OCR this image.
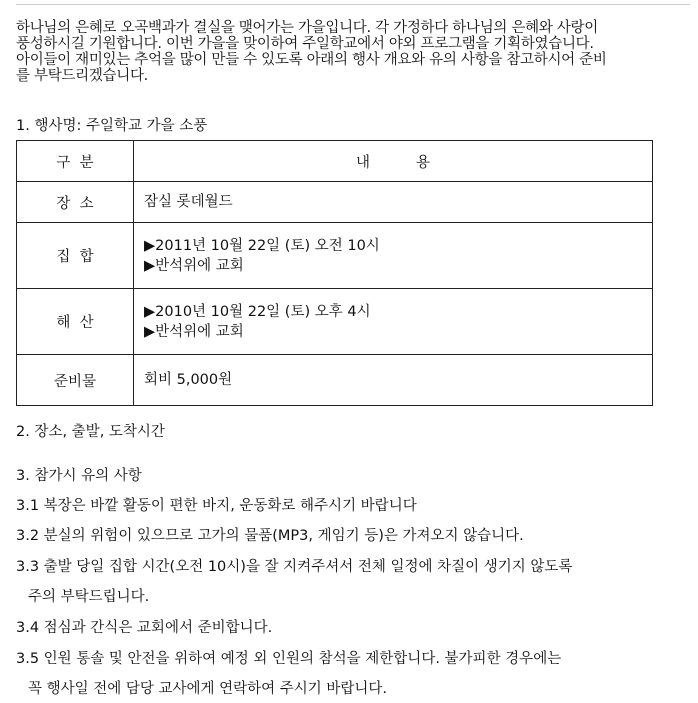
하나님의 은혜로 오곡백과가 결실을 맺어가는 가을입니다. 각 가정하다 하나님의 은혜와 사랑이
풍성하시길 기원합니다. 이번 가을을 맞이하여 주일학교에서 야외 프로그램을 기획하였습니다.
아이들이 재미있는 추억을 많이 만들 수 있도록 아래의 행사 개요와 유의 사항을 참고하시어 준비
를 부탁드리겠습니다.
1. 행사명: 주일학교 가을 소풍
구  분	내          용
장  소	잠실 롯데월드

집  합	▶2011년 10월 22일 (토) 오전 10시
▶반석위에 교회

해  산	▶2010년 10월 22일 (토) 오후 4시
▶반석위에 교회

준비물	회비 5,000원
2. 장소, 출발, 도착시간
3. 참가시 유의 사항
3.1 복장은 바깥 활동이 편한 바지, 운동화로 해주시기 바랍니다
3.2 분실의 위험이 있으므로 고가의 물품(MP3, 게임기 등)은 가져오지 않습니다.
3.3 출발 당일 집합 시간(오전 10시)을 잘 지켜주셔서 전체 일정에 차질이 생기지 않도록
주의 부탁드립니다.
3.4 점심과 간식은 교회에서 준비합니다.
3.5 인원 통솔 및 안전을 위하여 예정 외 인원의 참석을 제한합니다. 불가피한 경우에는
꼭 행사일 전에 담당 교사에게 연락하여 주시기 바랍니다.
